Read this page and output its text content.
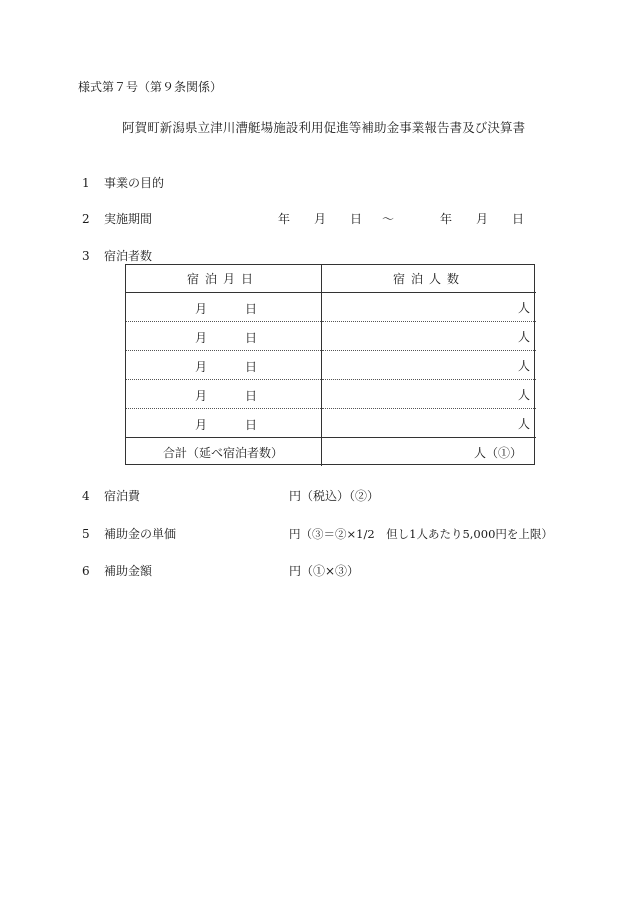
様式第７号（第９条関係）
阿賀町新潟県立津川漕艇場施設利用促進等補助金事業報告書及び決算書
1	事業の目的
2	実施期間	年 月 日 ～	年 月 日
3	宿泊者数
宿泊月日	宿泊人数

月 日	人

月 日	人

月 日	人

月 日	人

月 日	人
合計（延べ宿泊者数）	人（①）
4	宿泊費	円（税込）（②）
5	補助金の単価	円（③＝②×1/2　但し1人あたり5,000円を上限）
6	補助金額	円（①×③）
